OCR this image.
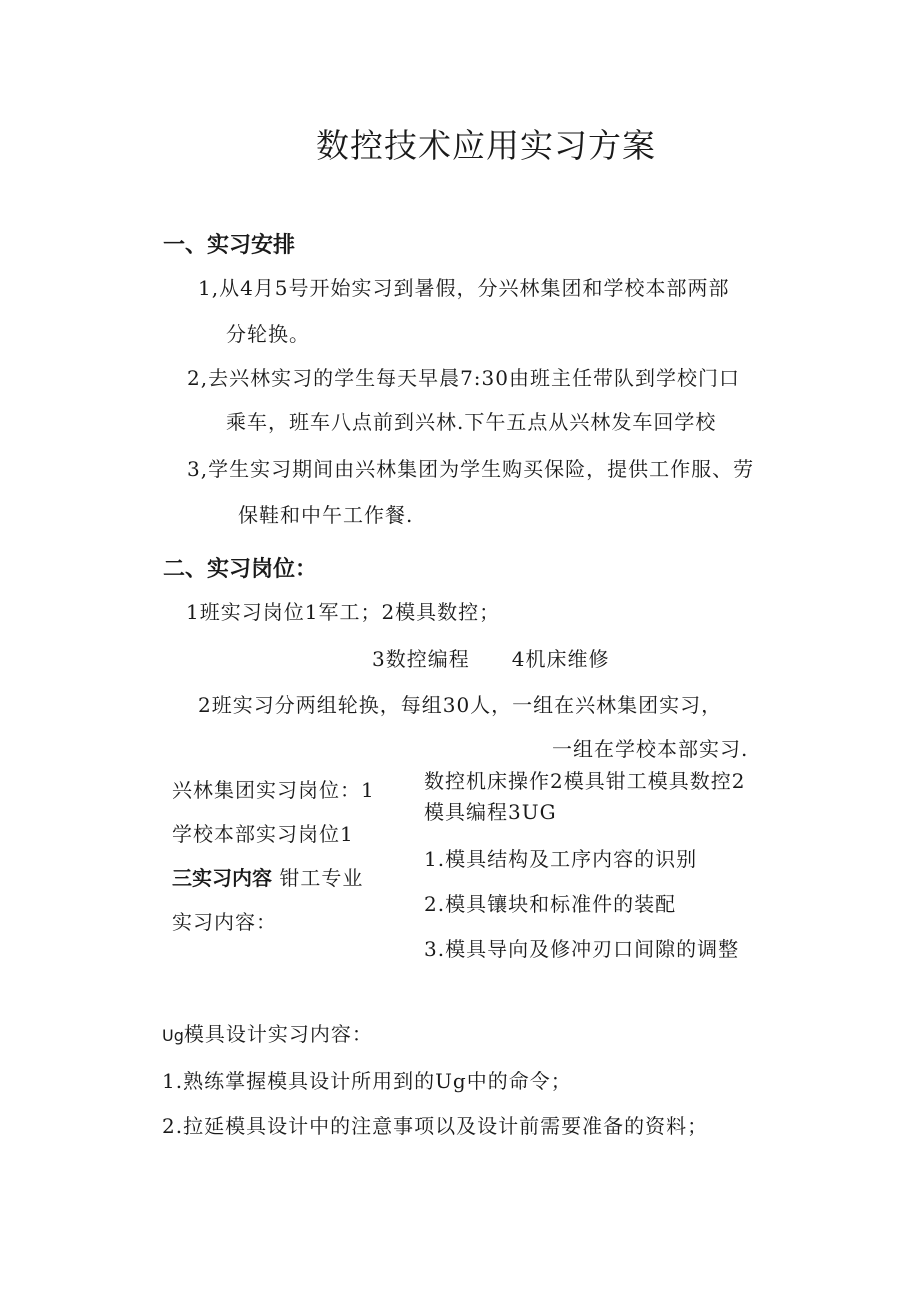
数控技术应用实习方案
一、实习安排
1,从4月5号开始实习到暑假，分兴林集团和学校本部两部
分轮换。
2,去兴林实习的学生每天早晨7:30由班主任带队到学校门口
乘车，班车八点前到兴林.下午五点从兴林发车回学校
3,学生实习期间由兴林集团为学生购买保险，提供工作服、劳
保鞋和中午工作餐.
二、实习岗位：
1班实习岗位1军工；2模具数控；
3数控编程　　4机床维修
2班实习分两组轮换，每组30人，一组在兴林集团实习，
一组在学校本部实习.
兴林集团实习岗位：1
学校本部实习岗位1
三实习内容 钳工专业
实习内容：
数控机床操作2模具钳工模具数控2
模具编程3UG
1.模具结构及工序内容的识别
2.模具镶块和标准件的装配
3.模具导向及修冲刃口间隙的调整
Ug模具设计实习内容：
1.熟练掌握模具设计所用到的Ug中的命令；
2.拉延模具设计中的注意事项以及设计前需要准备的资料；
